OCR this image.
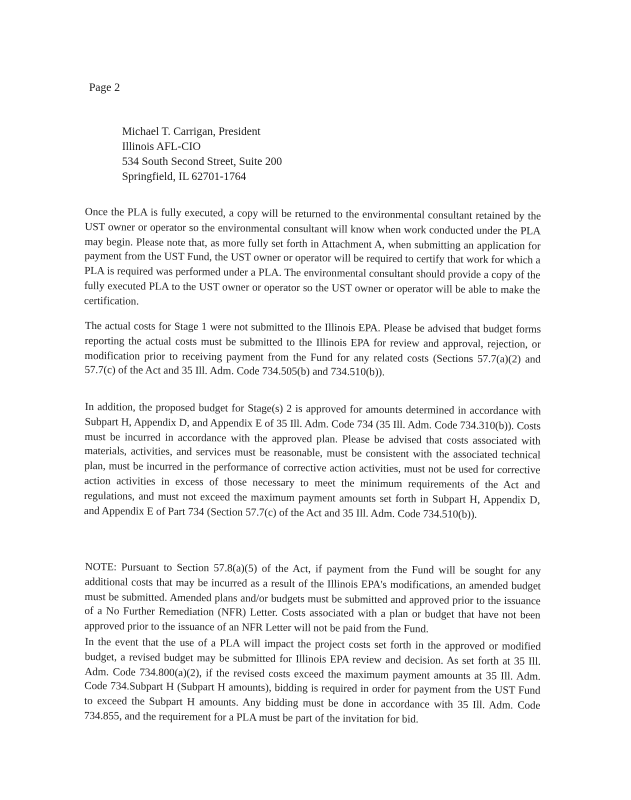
Page 2
Michael T. Carrigan, President
Illinois AFL-CIO
534 South Second Street, Suite 200
Springfield, IL 62701-1764

Once the PLA is fully executed, a copy will be returned to the environmental consultant retained by the UST owner or operator so the environmental consultant will know when work conducted under the PLA may begin. Please note that, as more fully set forth in Attachment A, when submitting an application for payment from the UST Fund, the UST owner or operator will be required to certify that work for which a PLA is required was performed under a PLA. The environmental consultant should provide a copy of the fully executed PLA to the UST owner or operator so the UST owner or operator will be able to make the certification.

The actual costs for Stage 1 were not submitted to the Illinois EPA. Please be advised that budget forms reporting the actual costs must be submitted to the Illinois EPA for review and approval, rejection, or modification prior to receiving payment from the Fund for any related costs (Sections 57.7(a)(2) and 57.7(c) of the Act and 35 Ill. Adm. Code 734.505(b) and 734.510(b)).

In addition, the proposed budget for Stage(s) 2 is approved for amounts determined in accordance with Subpart H, Appendix D, and Appendix E of 35 Ill. Adm. Code 734 (35 Ill. Adm. Code 734.310(b)). Costs must be incurred in accordance with the approved plan. Please be advised that costs associated with materials, activities, and services must be reasonable, must be consistent with the associated technical plan, must be incurred in the performance of corrective action activities, must not be used for corrective action activities in excess of those necessary to meet the minimum requirements of the Act and regulations, and must not exceed the maximum payment amounts set forth in Subpart H, Appendix D, and Appendix E of Part 734 (Section 57.7(c) of the Act and 35 Ill. Adm. Code 734.510(b)).

NOTE: Pursuant to Section 57.8(a)(5) of the Act, if payment from the Fund will be sought for any additional costs that may be incurred as a result of the Illinois EPA's modifications, an amended budget must be submitted. Amended plans and/or budgets must be submitted and approved prior to the issuance of a No Further Remediation (NFR) Letter. Costs associated with a plan or budget that have not been approved prior to the issuance of an NFR Letter will not be paid from the Fund.

In the event that the use of a PLA will impact the project costs set forth in the approved or modified budget, a revised budget may be submitted for Illinois EPA review and decision. As set forth at 35 Ill. Adm. Code 734.800(a)(2), if the revised costs exceed the maximum payment amounts at 35 Ill. Adm. Code 734.Subpart H (Subpart H amounts), bidding is required in order for payment from the UST Fund to exceed the Subpart H amounts. Any bidding must be done in accordance with 35 Ill. Adm. Code 734.855, and the requirement for a PLA must be part of the invitation for bid.
